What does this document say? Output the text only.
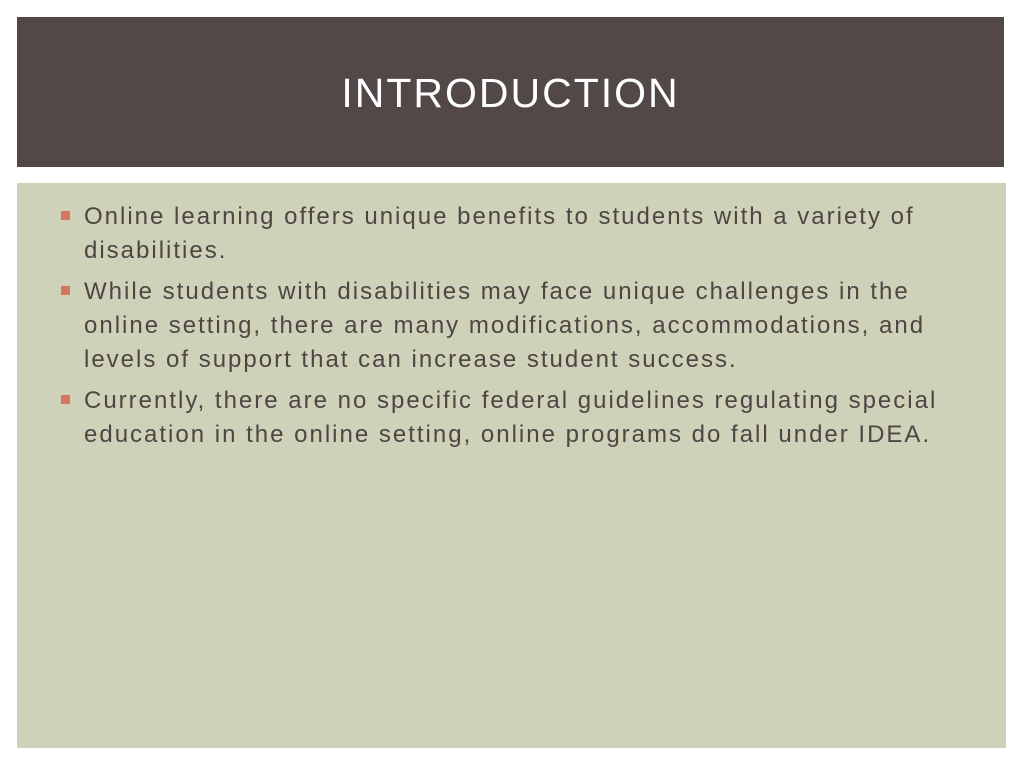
INTRODUCTION
Online learning offers unique benefits to students with a variety of disabilities.
While students with disabilities may face unique challenges in the online setting, there are many modifications, accommodations, and levels of support that can increase student success.
Currently, there are no specific federal guidelines regulating special education in the online setting, online programs do fall under IDEA.
